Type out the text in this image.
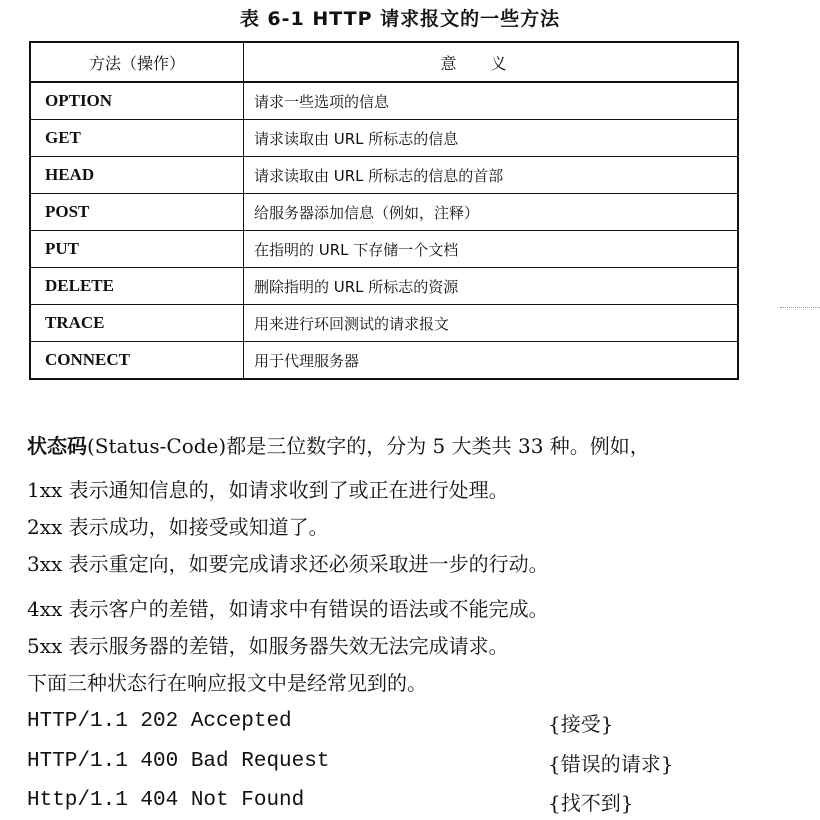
表 6-1 HTTP 请求报文的一些方法
方法（操作）	意义
OPTION	请求一些选项的信息
GET	请求读取由 URL 所标志的信息
HEAD	请求读取由 URL 所标志的信息的首部
POST	给服务器添加信息（例如，注释）
PUT	在指明的 URL 下存储一个文档
DELETE	删除指明的 URL 所标志的资源
TRACE	用来进行环回测试的请求报文
CONNECT	用于代理服务器
状态码(Status-Code)都是三位数字的，分为 5 大类共 33 种。例如，
1xx 表示通知信息的，如请求收到了或正在进行处理。
2xx 表示成功，如接受或知道了。
3xx 表示重定向，如要完成请求还必须采取进一步的行动。
4xx 表示客户的差错，如请求中有错误的语法或不能完成。
5xx 表示服务器的差错，如服务器失效无法完成请求。
下面三种状态行在响应报文中是经常见到的。
HTTP/1.1 202 Accepted	{接受}
HTTP/1.1 400 Bad Request	{错误的请求}
Http/1.1 404 Not Found	{找不到}
